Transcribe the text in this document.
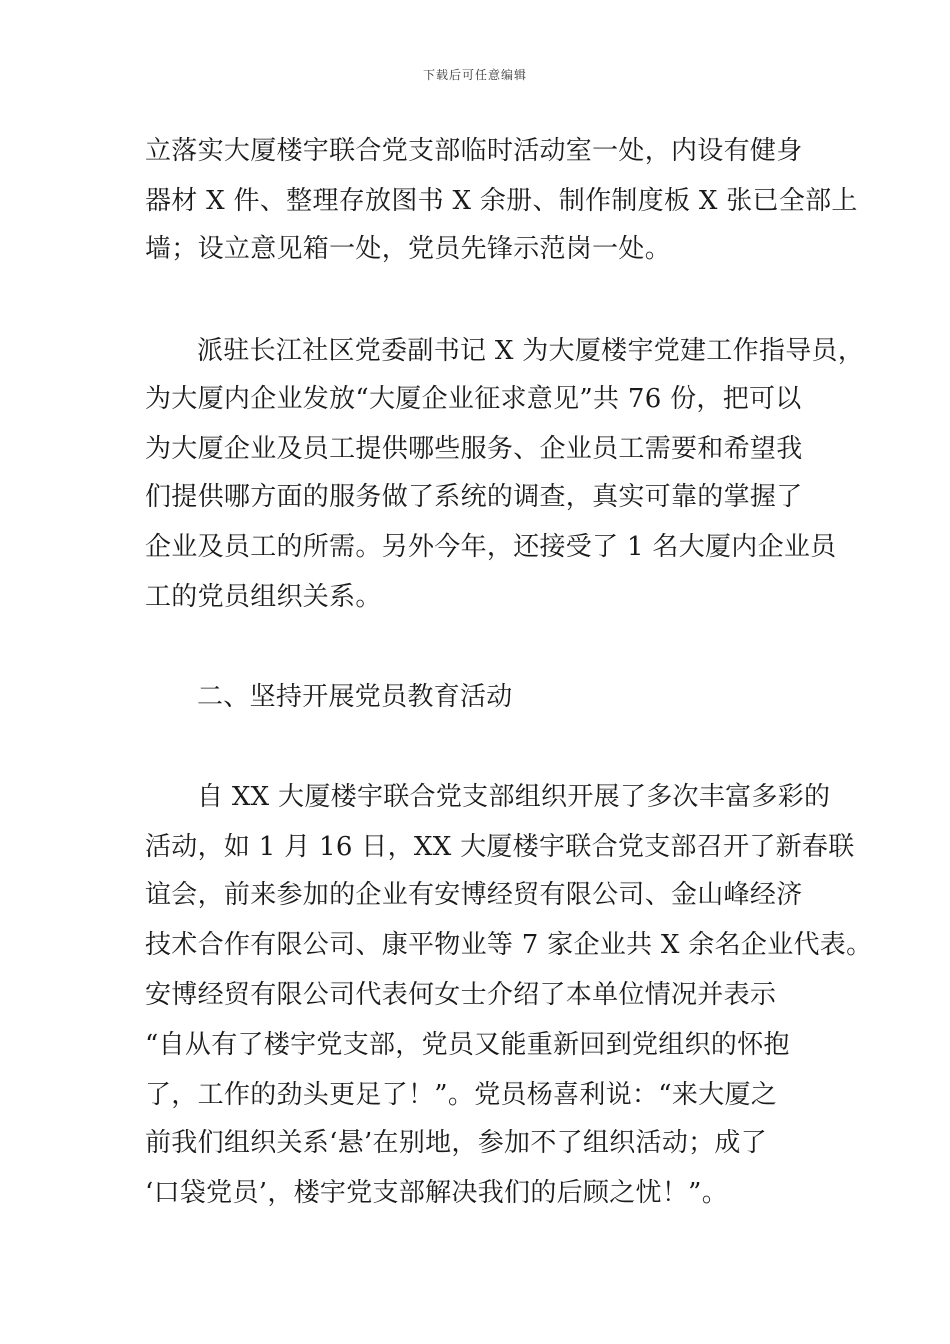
下载后可任意编辑
立落实大厦楼宇联合党支部临时活动室一处，内设有健身
器材 X 件、整理存放图书 X 余册、制作制度板 X 张已全部上
墙；设立意见箱一处，党员先锋示范岗一处。
派驻长江社区党委副书记 X 为大厦楼宇党建工作指导员，
为大厦内企业发放“大厦企业征求意见”共 76 份，把可以
为大厦企业及员工提供哪些服务、企业员工需要和希望我
们提供哪方面的服务做了系统的调查，真实可靠的掌握了
企业及员工的所需。另外今年，还接受了 1 名大厦内企业员
工的党员组织关系。
二、坚持开展党员教育活动
自 XX 大厦楼宇联合党支部组织开展了多次丰富多彩的
活动，如 1 月 16 日，XX 大厦楼宇联合党支部召开了新春联
谊会，前来参加的企业有安博经贸有限公司、金山峰经济
技术合作有限公司、康平物业等 7 家企业共 X 余名企业代表。
安博经贸有限公司代表何女士介绍了本单位情况并表示
“自从有了楼宇党支部，党员又能重新回到党组织的怀抱
了，工作的劲头更足了！”。党员杨喜利说：“来大厦之
前我们组织关系‘悬’在别地，参加不了组织活动；成了
‘口袋党员’，楼宇党支部解决我们的后顾之忧！”。
